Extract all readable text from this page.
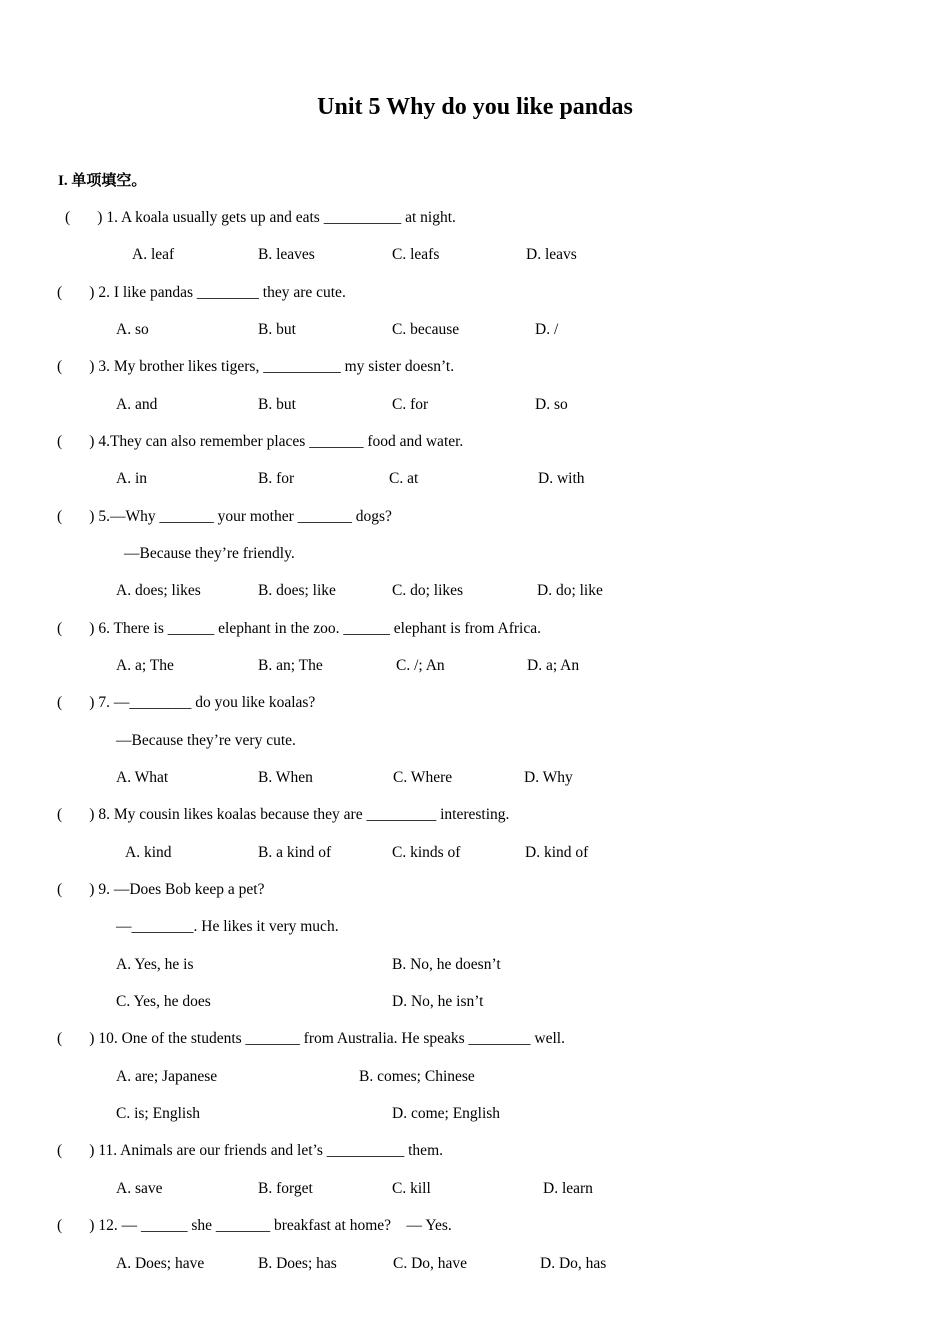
Unit 5 Why do you like pandas
I. 单项填空。
(       ) 1. A koala usually gets up and eats __________ at night.
A. leaf	B. leaves	C. leafs	D. leavs
(       ) 2. I like pandas ________ they are cute.
A. so	B. but	C. because	D. /
(       ) 3. My brother likes tigers, __________ my sister doesn’t.
A. and	B. but	C. for	D. so
(       ) 4.They can also remember places _______ food and water.
A. in	B. for	C. at	D. with
(       ) 5.—Why _______ your mother _______ dogs?
—Because they’re friendly.
A. does; likes	B. does; like	C. do; likes	D. do; like
(       ) 6. There is ______ elephant in the zoo. ______ elephant is from Africa.
A. a; The	B. an; The	C. /; An	D. a; An
(       ) 7. —________ do you like koalas?
—Because they’re very cute.
A. What	B. When	C. Where	D. Why
(       ) 8. My cousin likes koalas because they are _________ interesting.
A. kind	B. a kind of	C. kinds of	D. kind of
(       ) 9. —Does Bob keep a pet?
—________. He likes it very much.
A. Yes, he is	B. No, he doesn’t
C. Yes, he does	D. No, he isn’t
(       ) 10. One of the students _______ from Australia. He speaks ________ well.
A. are; Japanese	B. comes; Chinese
C. is; English	D. come; English
(       ) 11. Animals are our friends and let’s __________ them.
A. save	B. forget	C. kill	D. learn
(       ) 12. — ______ she _______ breakfast at home?    — Yes.
A. Does; have	B. Does; has	C. Do, have	D. Do, has
